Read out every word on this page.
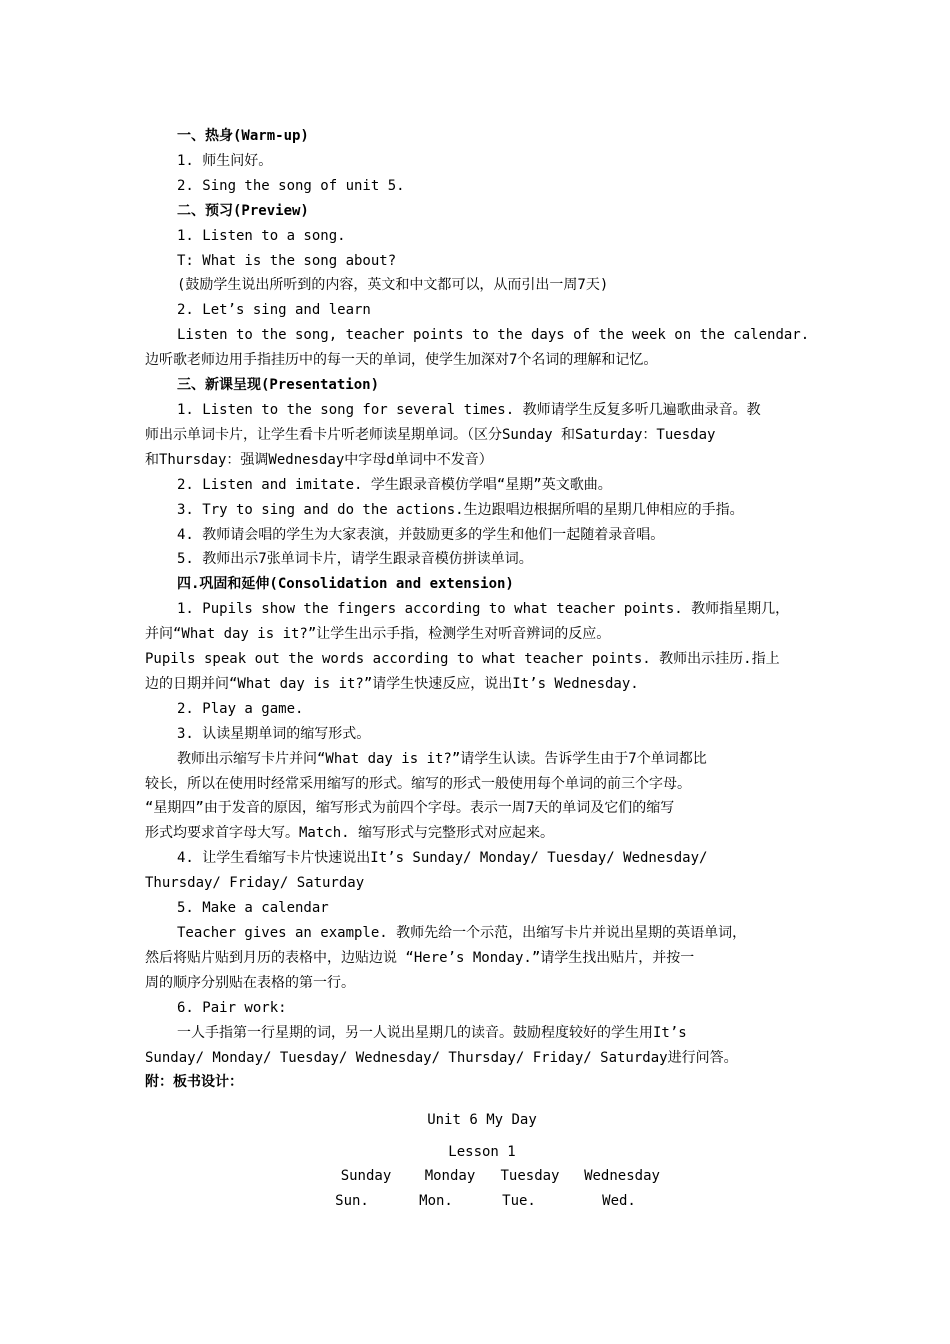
一、热身(Warm-up)
1. 师生问好。
2. Sing the song of unit 5.
二、预习(Preview)
1. Listen to a song.
T: What is the song about?
(鼓励学生说出所听到的内容，英文和中文都可以，从而引出一周7天)
2. Let’s sing and learn
Listen to the song, teacher points to the days of the week on the calendar.
边听歌老师边用手指挂历中的每一天的单词，使学生加深对7个名词的理解和记忆。
三、新课呈现(Presentation)
1. Listen to the song for several times. 教师请学生反复多听几遍歌曲录音。教
师出示单词卡片，让学生看卡片听老师读星期单词。（区分Sunday 和Saturday：Tuesday
和Thursday：强调Wednesday中字母d单词中不发音）
2. Listen and imitate. 学生跟录音模仿学唱“星期”英文歌曲。
3. Try to sing and do the actions.生边跟唱边根据所唱的星期几伸相应的手指。
4. 教师请会唱的学生为大家表演，并鼓励更多的学生和他们一起随着录音唱。
5. 教师出示7张单词卡片，请学生跟录音模仿拼读单词。
四.巩固和延伸(Consolidation and extension)
1. Pupils show the fingers according to what teacher points. 教师指星期几，
并问“What day is it?”让学生出示手指，检测学生对听音辨词的反应。
Pupils speak out the words according to what teacher points. 教师出示挂历.指上
边的日期并问“What day is it?”请学生快速反应，说出It’s Wednesday.
2. Play a game.
3. 认读星期单词的缩写形式。
教师出示缩写卡片并问“What day is it?”请学生认读。告诉学生由于7个单词都比
较长，所以在使用时经常采用缩写的形式。缩写的形式一般使用每个单词的前三个字母。
“星期四”由于发音的原因，缩写形式为前四个字母。表示一周7天的单词及它们的缩写
形式均要求首字母大写。Match. 缩写形式与完整形式对应起来。
4. 让学生看缩写卡片快速说出It’s Sunday/ Monday/ Tuesday/ Wednesday/
Thursday/ Friday/ Saturday
5. Make a calendar
Teacher gives an example. 教师先给一个示范，出缩写卡片并说出星期的英语单词，
然后将贴片贴到月历的表格中，边贴边说 “Here’s Monday.”请学生找出贴片，并按一
周的顺序分别贴在表格的第一行。
6. Pair work:
一人手指第一行星期的词，另一人说出星期几的读音。鼓励程度较好的学生用It’s
Sunday/ Monday/ Tuesday/ Wednesday/ Thursday/ Friday/ Saturday进行问答。
附：板书设计：
Unit 6 My Day
Lesson 1
Sunday	Monday	Tuesday	Wednesday
Sun.	Mon.	Tue.	Wed.
